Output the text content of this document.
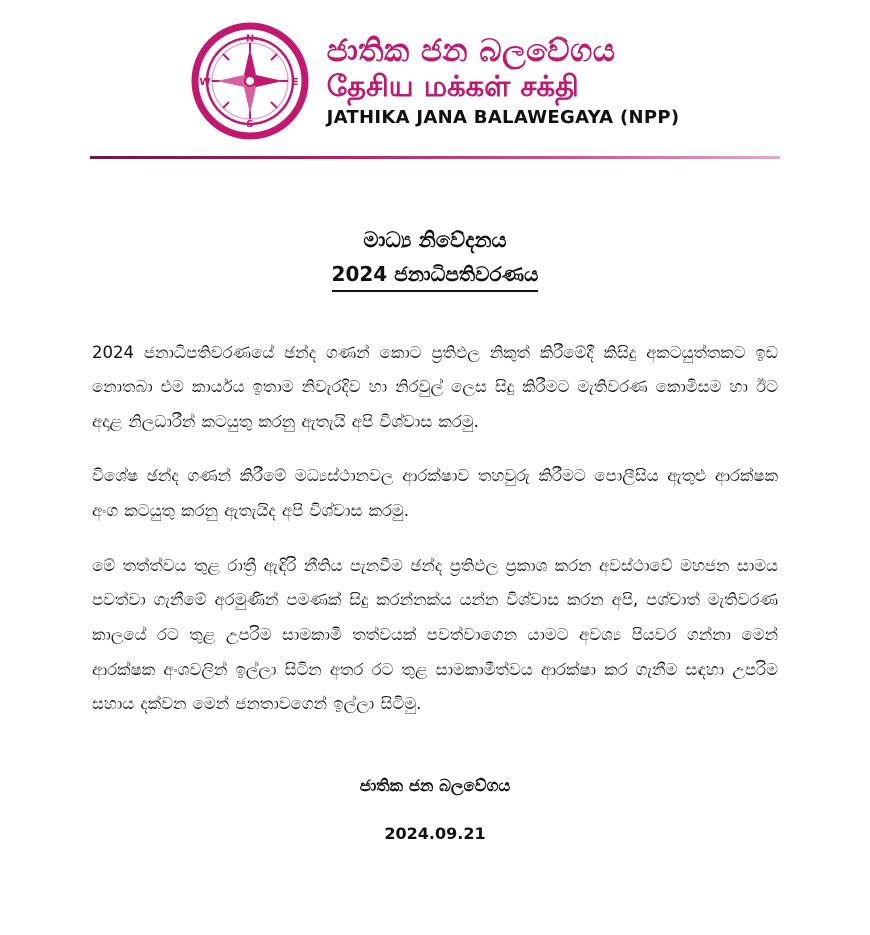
N
S
W	E
ජාතික ජන බලවේගය
தேசிய மக்கள் சக்தி
JATHIKA JANA BALAWEGAYA (NPP)
මාධ්‍ය නිවේදනය
2024 ජනාධිපතිවරණය

2024 ජනාධිපතිවරණයේ ඡන්ද ගණන් කොට ප්‍රතිඵල නිකුත් කිරීමේදී කිසිදු අකටයුත්තකට ඉඩ නොතබා එම කාර්යය ඉතාම නිවැරදිව හා නිරවුල් ලෙස සිදු කිරීමට මැතිවරණ කොමිසම හා ඊට අදාළ නිලධාරීන් කටයුතු කරනු ඇතැයි අපි විශ්වාස කරමු.

විශේෂ ඡන්ද ගණන් කිරීමේ මධ්‍යස්ථානවල ආරක්ෂාව තහවුරු කිරීමට පොලීසිය ඇතුළු ආරක්ෂක අංග කටයුතු කරනු ඇතැයිද අපි විශ්වාස කරමු.

මේ තත්ත්වය තුළ රාත්‍රී ඇඳිරි නීතිය පැනවීම ඡන්ද ප්‍රතිඵල ප්‍රකාශ කරන අවස්ථාවේ මහජන සාමය පවත්වා ගැනීමේ අරමුණින් පමණක් සිදු කරන්නක්ය යන්න විශ්වාස කරන අපි, පශ්චාත් මැතිවරණ කාලයේ රට තුළ උපරිම සාමකාමී තත්වයක් පවත්වාගෙන යාමට අවශ්‍ය පියවර ගන්නා මෙන් ආරක්ෂක අංශවලින් ඉල්ලා සිටින අතර රට තුළ සාමකාමීත්වය ආරක්ෂා කර ගැනීම සඳහා උපරිම සහාය දක්වන මෙන් ජනතාවගෙන් ඉල්ලා සිටිමු.

ජාතික ජන බලවේගය
2024.09.21
